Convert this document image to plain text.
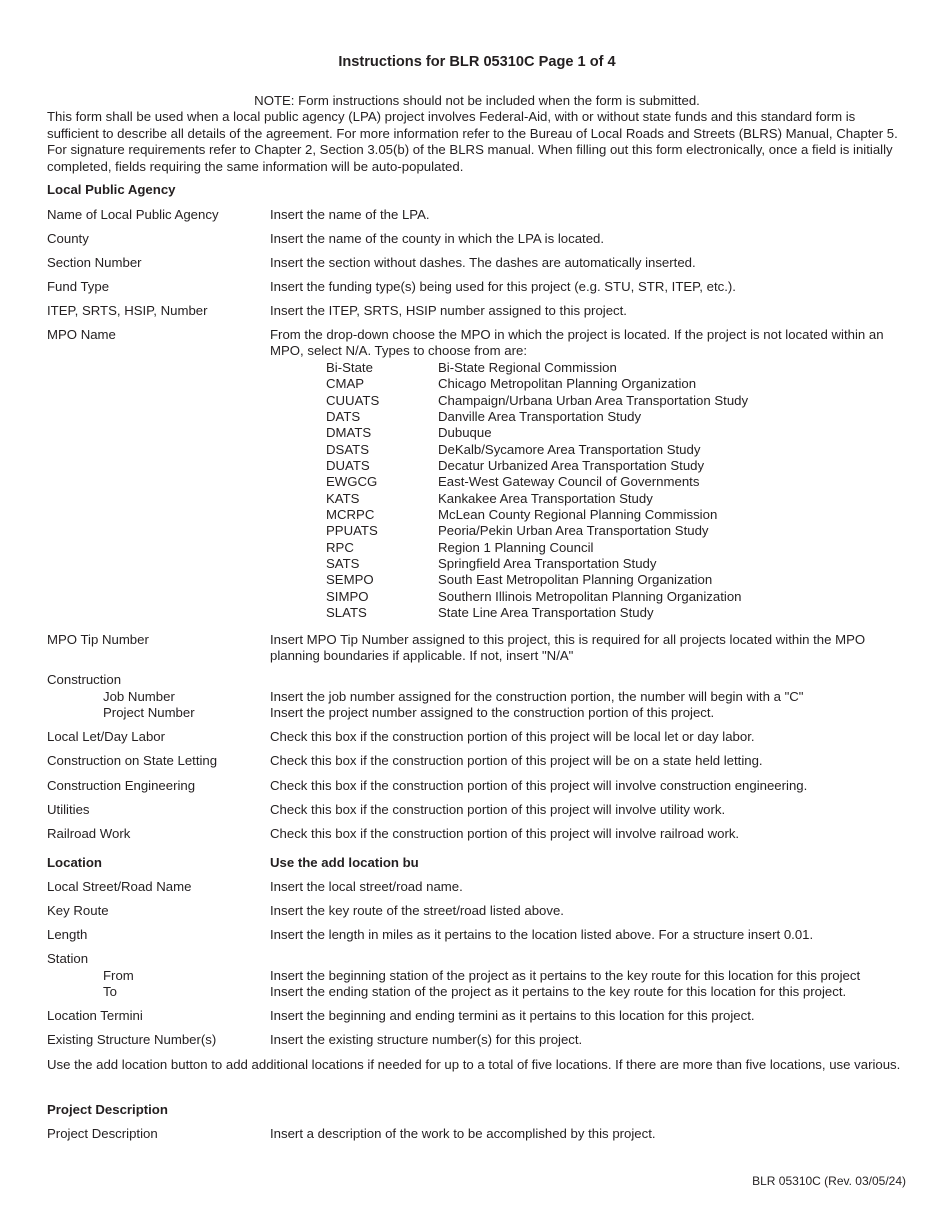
Instructions for BLR 05310C Page 1 of 4
NOTE: Form instructions should not be included when the form is submitted.
This form shall be used when a local public agency (LPA) project involves Federal-Aid, with or without state funds and this standard form is sufficient to describe all details of the agreement. For more information refer to the Bureau of Local Roads and Streets (BLRS) Manual, Chapter 5. For signature requirements refer to Chapter 2, Section 3.05(b) of the BLRS manual. When filling out this form electronically, once a field is initially completed, fields requiring the same information will be auto-populated.
Local Public Agency
Name of Local Public Agency	Insert the name of the LPA.
County	Insert the name of the county in which the LPA is located.
Section Number	Insert the section without dashes. The dashes are automatically inserted.
Fund Type	Insert the funding type(s) being used for this project (e.g. STU, STR, ITEP, etc.).
ITEP, SRTS, HSIP, Number	Insert the ITEP, SRTS, HSIP number assigned to this project.
MPO Name	From the drop-down choose the MPO in which the project is located. If the project is not located within an MPO, select N/A. Types to choose from are:
Bi-State	Bi-State Regional Commission
CMAP	Chicago Metropolitan Planning Organization
CUUATS	Champaign/Urbana Urban Area Transportation Study
DATS	Danville Area Transportation Study
DMATS	Dubuque
DSATS	DeKalb/Sycamore Area Transportation Study
DUATS	Decatur Urbanized Area Transportation Study
EWGCG	East-West Gateway Council of Governments
KATS	Kankakee Area Transportation Study
MCRPC	McLean County Regional Planning Commission
PPUATS	Peoria/Pekin Urban Area Transportation Study
RPC	Region 1 Planning Council
SATS	Springfield Area Transportation Study
SEMPO	South East Metropolitan Planning Organization
SIMPO	Southern Illinois Metropolitan Planning Organization
SLATS	State Line Area Transportation Study
MPO Tip Number	Insert MPO Tip Number assigned to this project, this is required for all projects located within the MPO planning boundaries if applicable. If not, insert "N/A"
Construction
Job Number	Insert the job number assigned for the construction portion, the number will begin with a "C"
Project Number	Insert the project number assigned to the construction portion of this project.
Local Let/Day Labor	Check this box if the construction portion of this project will be local let or day labor.
Construction on State Letting	Check this box if the construction portion of this project will be on a state held letting.
Construction Engineering	Check this box if the construction portion of this project will involve construction engineering.
Utilities	Check this box if the construction portion of this project will involve utility work.
Railroad Work	Check this box if the construction portion of this project will involve railroad work.
Location	Use the add location bu
Local Street/Road Name	Insert the local street/road name.
Key Route	Insert the key route of the street/road listed above.
Length	Insert the length in miles as it pertains to the location listed above. For a structure insert 0.01.
Station
From	Insert the beginning station of the project as it pertains to the key route for this location for this project
To	Insert the ending station of the project as it pertains to the key route for this location for this project.
Location Termini	Insert the beginning and ending termini as it pertains to this location for this project.
Existing Structure Number(s)	Insert the existing structure number(s) for this project.
Use the add location button to add additional locations if needed for up to a total of five locations. If there are more than five locations, use various.
Project Description
Project Description	Insert a description of the work to be accomplished by this project.
BLR 05310C (Rev. 03/05/24)
